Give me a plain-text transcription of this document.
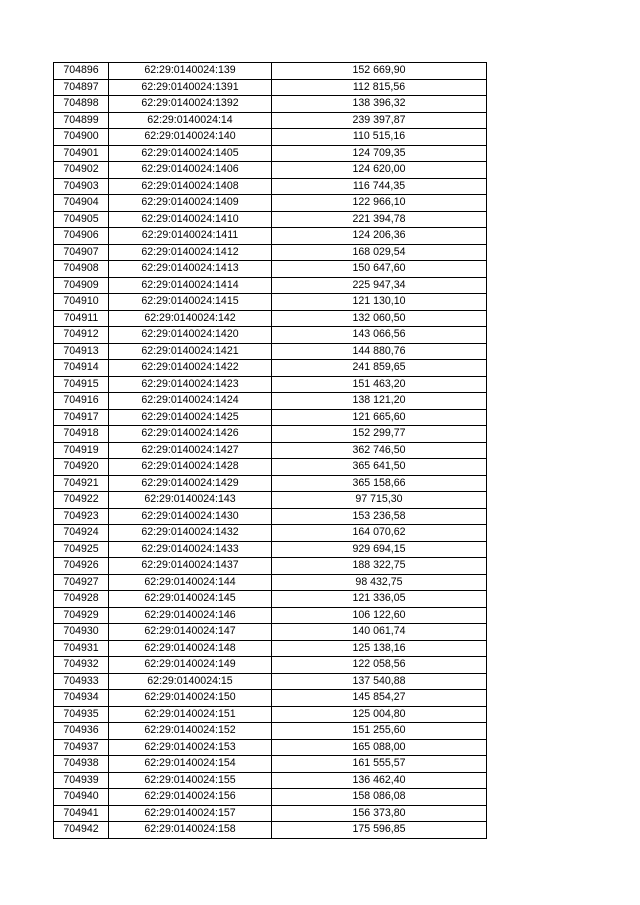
704896	62:29:0140024:139	152 669,90
704897	62:29:0140024:1391	112 815,56
704898	62:29:0140024:1392	138 396,32
704899	62:29:0140024:14	239 397,87
704900	62:29:0140024:140	110 515,16
704901	62:29:0140024:1405	124 709,35
704902	62:29:0140024:1406	124 620,00
704903	62:29:0140024:1408	116 744,35
704904	62:29:0140024:1409	122 966,10
704905	62:29:0140024:1410	221 394,78
704906	62:29:0140024:1411	124 206,36
704907	62:29:0140024:1412	168 029,54
704908	62:29:0140024:1413	150 647,60
704909	62:29:0140024:1414	225 947,34
704910	62:29:0140024:1415	121 130,10
704911	62:29:0140024:142	132 060,50
704912	62:29:0140024:1420	143 066,56
704913	62:29:0140024:1421	144 880,76
704914	62:29:0140024:1422	241 859,65
704915	62:29:0140024:1423	151 463,20
704916	62:29:0140024:1424	138 121,20
704917	62:29:0140024:1425	121 665,60
704918	62:29:0140024:1426	152 299,77
704919	62:29:0140024:1427	362 746,50
704920	62:29:0140024:1428	365 641,50
704921	62:29:0140024:1429	365 158,66
704922	62:29:0140024:143	97 715,30
704923	62:29:0140024:1430	153 236,58
704924	62:29:0140024:1432	164 070,62
704925	62:29:0140024:1433	929 694,15
704926	62:29:0140024:1437	188 322,75
704927	62:29:0140024:144	98 432,75
704928	62:29:0140024:145	121 336,05
704929	62:29:0140024:146	106 122,60
704930	62:29:0140024:147	140 061,74
704931	62:29:0140024:148	125 138,16
704932	62:29:0140024:149	122 058,56
704933	62:29:0140024:15	137 540,88
704934	62:29:0140024:150	145 854,27
704935	62:29:0140024:151	125 004,80
704936	62:29:0140024:152	151 255,60
704937	62:29:0140024:153	165 088,00
704938	62:29:0140024:154	161 555,57
704939	62:29:0140024:155	136 462,40
704940	62:29:0140024:156	158 086,08
704941	62:29:0140024:157	156 373,80
704942	62:29:0140024:158	175 596,85
